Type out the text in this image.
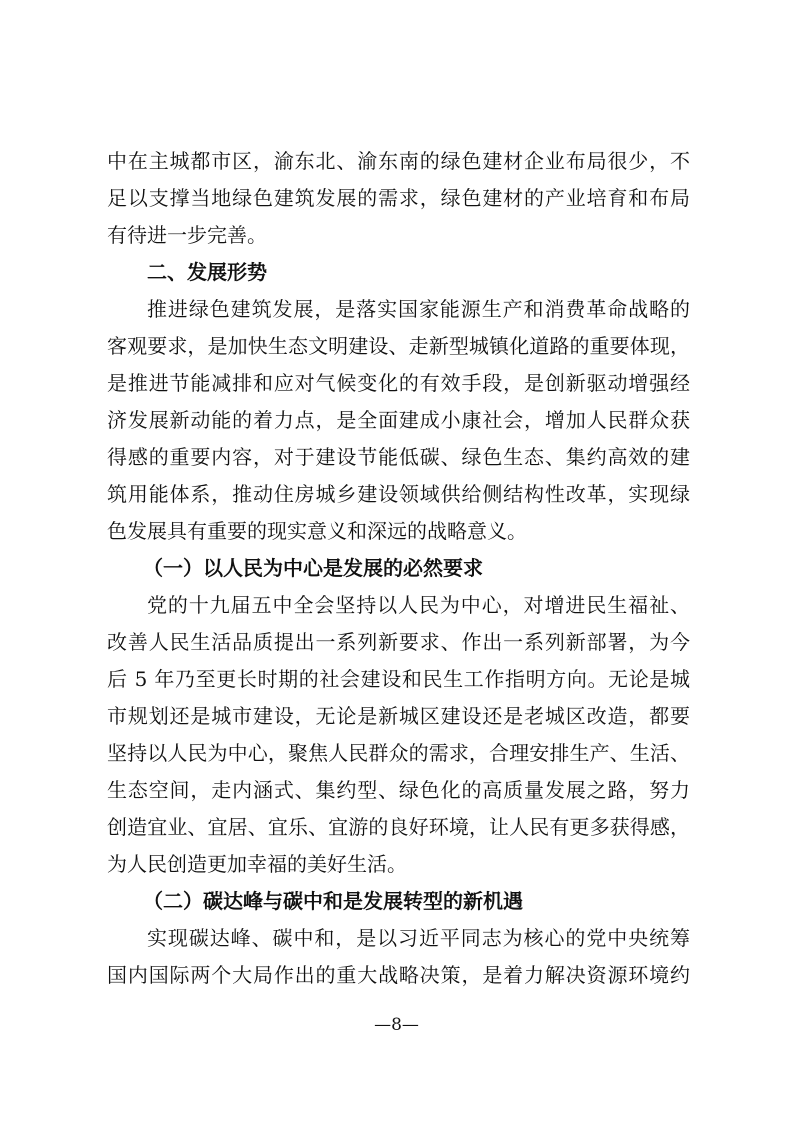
中在主城都市区，渝东北、渝东南的绿色建材企业布局很少，不
足以支撑当地绿色建筑发展的需求，绿色建材的产业培育和布局
有待进一步完善。
二、发展形势
推进绿色建筑发展，是落实国家能源生产和消费革命战略的
客观要求，是加快生态文明建设、走新型城镇化道路的重要体现，
是推进节能减排和应对气候变化的有效手段，是创新驱动增强经
济发展新动能的着力点，是全面建成小康社会，增加人民群众获
得感的重要内容，对于建设节能低碳、绿色生态、集约高效的建
筑用能体系，推动住房城乡建设领域供给侧结构性改革，实现绿
色发展具有重要的现实意义和深远的战略意义。
（一）以人民为中心是发展的必然要求
党的十九届五中全会坚持以人民为中心，对增进民生福祉、
改善人民生活品质提出一系列新要求、作出一系列新部署，为今
后 5 年乃至更长时期的社会建设和民生工作指明方向。无论是城
市规划还是城市建设，无论是新城区建设还是老城区改造，都要
坚持以人民为中心，聚焦人民群众的需求，合理安排生产、生活、
生态空间，走内涵式、集约型、绿色化的高质量发展之路，努力
创造宜业、宜居、宜乐、宜游的良好环境，让人民有更多获得感，
为人民创造更加幸福的美好生活。
（二）碳达峰与碳中和是发展转型的新机遇
实现碳达峰、碳中和，是以习近平同志为核心的党中央统筹
国内国际两个大局作出的重大战略决策，是着力解决资源环境约
—8—
